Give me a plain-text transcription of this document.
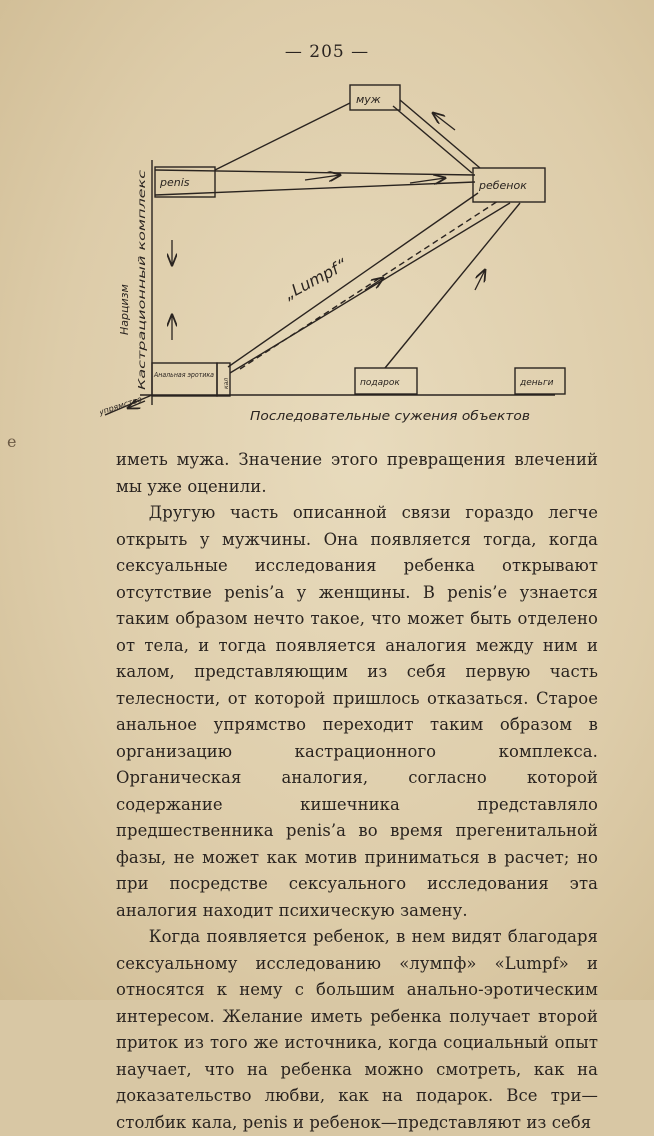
— 205 —
муж
penis	ребенок
Анальная эротика
кал	подарок	деньги
„Lumpf“
Нарцизм Кастрационный комплекс
упрямство	Последовательные сужения объектов
e

иметь мужа. Значение этого превращения влечений мы уже оценили.

Другую часть описанной связи гораздо легче открыть у мужчины. Она появляется тогда, когда сексуальные исследования ребенка открывают отсутствие penis’a у женщины. В penis’e узнается таким образом нечто такое, что может быть отделено от тела, и тогда появляется аналогия между ним и калом, представляющим из себя первую часть телесности, от которой пришлось отказаться. Старое анальное упрямство переходит таким образом в организацию кастрационного комплекса. Органическая аналогия, согласно которой содержание кишечника представляло предшественника penis’a во время прегенитальной фазы, не может как мотив приниматься в расчет; но при посредстве сексуального исследования эта аналогия находит психическую замену.

Когда появляется ребенок, в нем видят благодаря сексуальному исследованию «лумпф» «Lumpf» и относятся к нему с большим анально-эротическим интересом. Желание иметь ребенка получает второй приток из того же источника, когда социальный опыт научает, что на ребенка можно смотреть, как на доказательство любви, как на подарок. Все три—столбик кала, penis и ребенок—представляют из себя
